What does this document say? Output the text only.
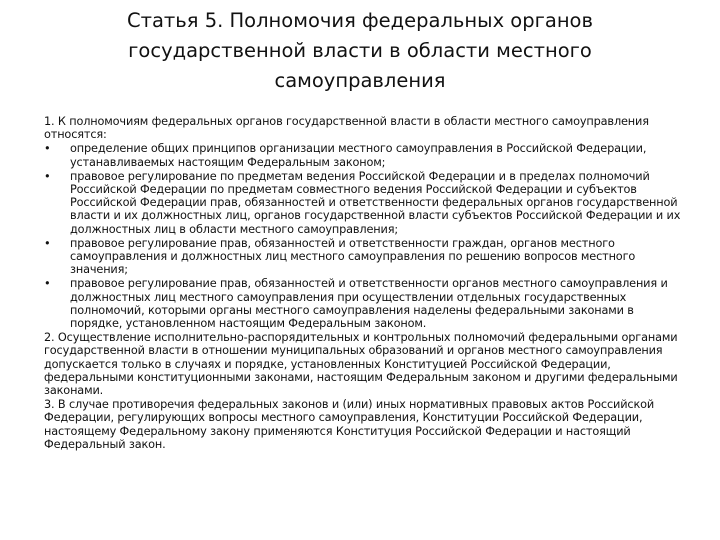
Статья 5. Полномочия федеральных органов
государственной власти в области местного
самоуправления
1. К полномочиям федеральных органов государственной власти в области местного самоуправления относятся:
•	определение общих принципов организации местного самоуправления в Российской Федерации, устанавливаемых настоящим Федеральным законом;
•	правовое регулирование по предметам ведения Российской Федерации и в пределах полномочий Российской Федерации по предметам совместного ведения Российской Федерации и субъектов Российской Федерации прав, обязанностей и ответственности федеральных органов государственной власти и их должностных лиц, органов государственной власти субъектов Российской Федерации и их должностных лиц в области местного самоуправления;
•	правовое регулирование прав, обязанностей и ответственности граждан, органов местного самоуправления и должностных лиц местного самоуправления по решению вопросов местного значения;
•	правовое регулирование прав, обязанностей и ответственности органов местного самоуправления и должностных лиц местного самоуправления при осуществлении отдельных государственных полномочий, которыми органы местного самоуправления наделены федеральными законами в порядке, установленном настоящим Федеральным законом.
2. Осуществление исполнительно-распорядительных и контрольных полномочий федеральными органами государственной власти в отношении муниципальных образований и органов местного самоуправления допускается только в случаях и порядке, установленных Конституцией Российской Федерации, федеральными конституционными законами, настоящим Федеральным законом и другими федеральными законами.
3. В случае противоречия федеральных законов и (или) иных нормативных правовых актов Российской Федерации, регулирующих вопросы местного самоуправления, Конституции Российской Федерации, настоящему Федеральному закону применяются Конституция Российской Федерации и настоящий Федеральный закон.
